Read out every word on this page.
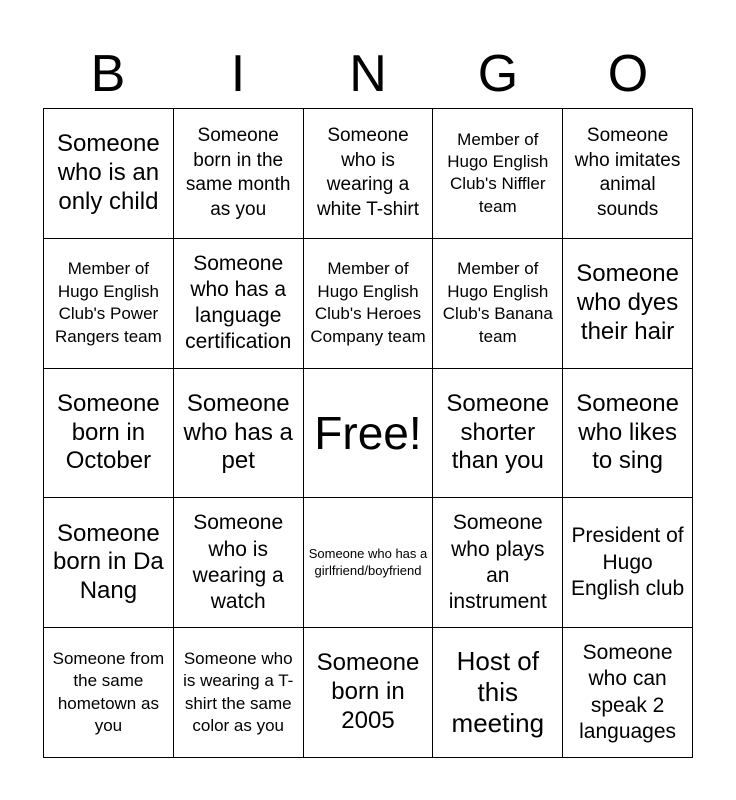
B	I	N	G	O
Someone who is an only child
Someone born in the same month as you
Someone who is wearing a white T-shirt
Member of Hugo English Club's Niffler team
Someone who imitates animal sounds
Member of Hugo English Club's Power Rangers team
Someone who has a language certification
Member of Hugo English Club's Heroes Company team
Member of Hugo English Club's Banana team
Someone who dyes their hair
Someone born in October
Someone who has a pet
Free!
Someone shorter than you
Someone who likes to sing
Someone born in Da Nang
Someone who is wearing a watch
Someone who has a girlfriend/boyfriend
Someone who plays an instrument
President of Hugo English club
Someone from the same hometown as you
Someone who is wearing a T-shirt the same color as you
Someone born in 2005
Host of this meeting
Someone who can speak 2 languages
